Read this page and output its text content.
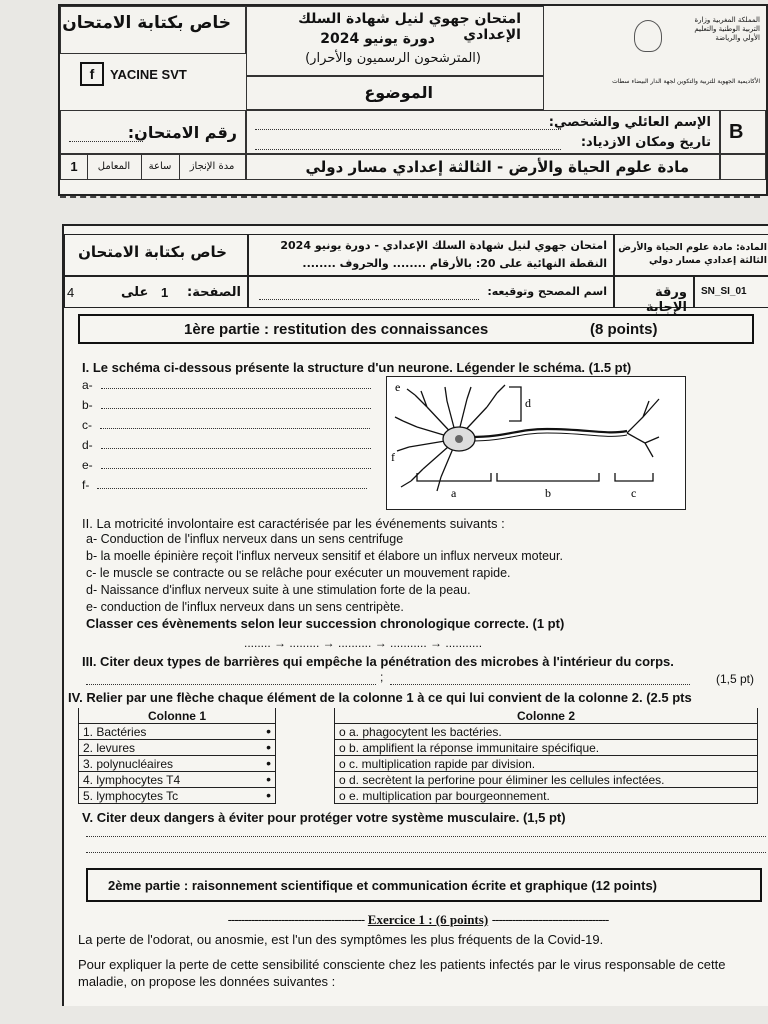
خاص بكتابة الامتحان
f	YACINE SVT
امتحان جهوي لنيل شهادة السلك الإعدادي
دورة يونيو 2024
(المترشحون الرسميون والأحرار)
الموضوع
المملكة المغربية وزارة التربية الوطنية والتعليم الأولي والرياضة
الأكاديمية الجهوية للتربية والتكوين لجهة الدار البيضاء سطات
رقم الامتحان:
الإسم العائلي والشخصي:
تاريخ ومكان الازدياد: B
1	المعامل	ساعة	مدة الإنجاز	مادة علوم الحياة والأرض - الثالثة إعدادي مسار دولي
خاص بكتابة الامتحان	امتحان جهوي لنيل شهادة السلك الإعدادي - دورة يونيو 2024
النقطة النهائية على 20: بالأرقام ........ والحروف ........
المادة: مادة علوم الحياة والأرض الثالثة إعدادي مسار دولي
الصفحة:
1
على
4	اسم المصحح وتوقيعه:	ورقة الإجابة
SN_SI_01
1ère partie : restitution des connaissances	(8 points)
I. Le schéma ci-dessous présente la structure d'un neurone. Légender le schéma. (1.5 pt)
a-
b-
c-
d-
e-
f-
e
d
f
a	b	c
II. La motricité involontaire est caractérisée par les événements suivants :
a- Conduction de l'influx nerveux dans un sens centrifuge
b- la moelle épinière reçoit l'influx nerveux sensitif et élabore un influx nerveux moteur.
c- le muscle se contracte ou se relâche pour exécuter un mouvement rapide.
d- Naissance d'influx nerveux suite à une stimulation forte de la peau.
e- conduction de l'influx nerveux dans un sens centripète.
Classer ces évènements selon leur succession chronologique correcte. (1 pt)
........ → ......... → .......... → ........... → ...........
III. Citer deux types de barrières qui empêche la pénétration des microbes à l'intérieur du corps.
;	(1,5 pt)
IV. Relier par une flèche chaque élément de la colonne 1 à ce qui lui convient de la colonne 2. (2.5 pts
Colonne 1
1. Bactéries	•

2. levures	•

3. polynucléaires	•

4. lymphocytes T4	•

5. lymphocytes Tc	•
Colonne 2
o a. phagocytent les bactéries.
o b. amplifient la réponse immunitaire spécifique.
o c. multiplication rapide par division.
o d. secrètent la perforine pour éliminer les cellules infectées.
o e. multiplication par bourgeonnement.
V. Citer deux dangers à éviter pour protéger votre système musculaire. (1,5 pt)
2ème partie : raisonnement scientifique et communication écrite et graphique (12 points)
----------------------------------------- Exercice 1 : (6 points) -----------------------------------
La perte de l'odorat, ou anosmie, est l'un des symptômes les plus fréquents de la Covid-19.
Pour expliquer la perte de cette sensibilité consciente chez les patients infectés par le virus responsable de cette maladie, on propose les données suivantes :
